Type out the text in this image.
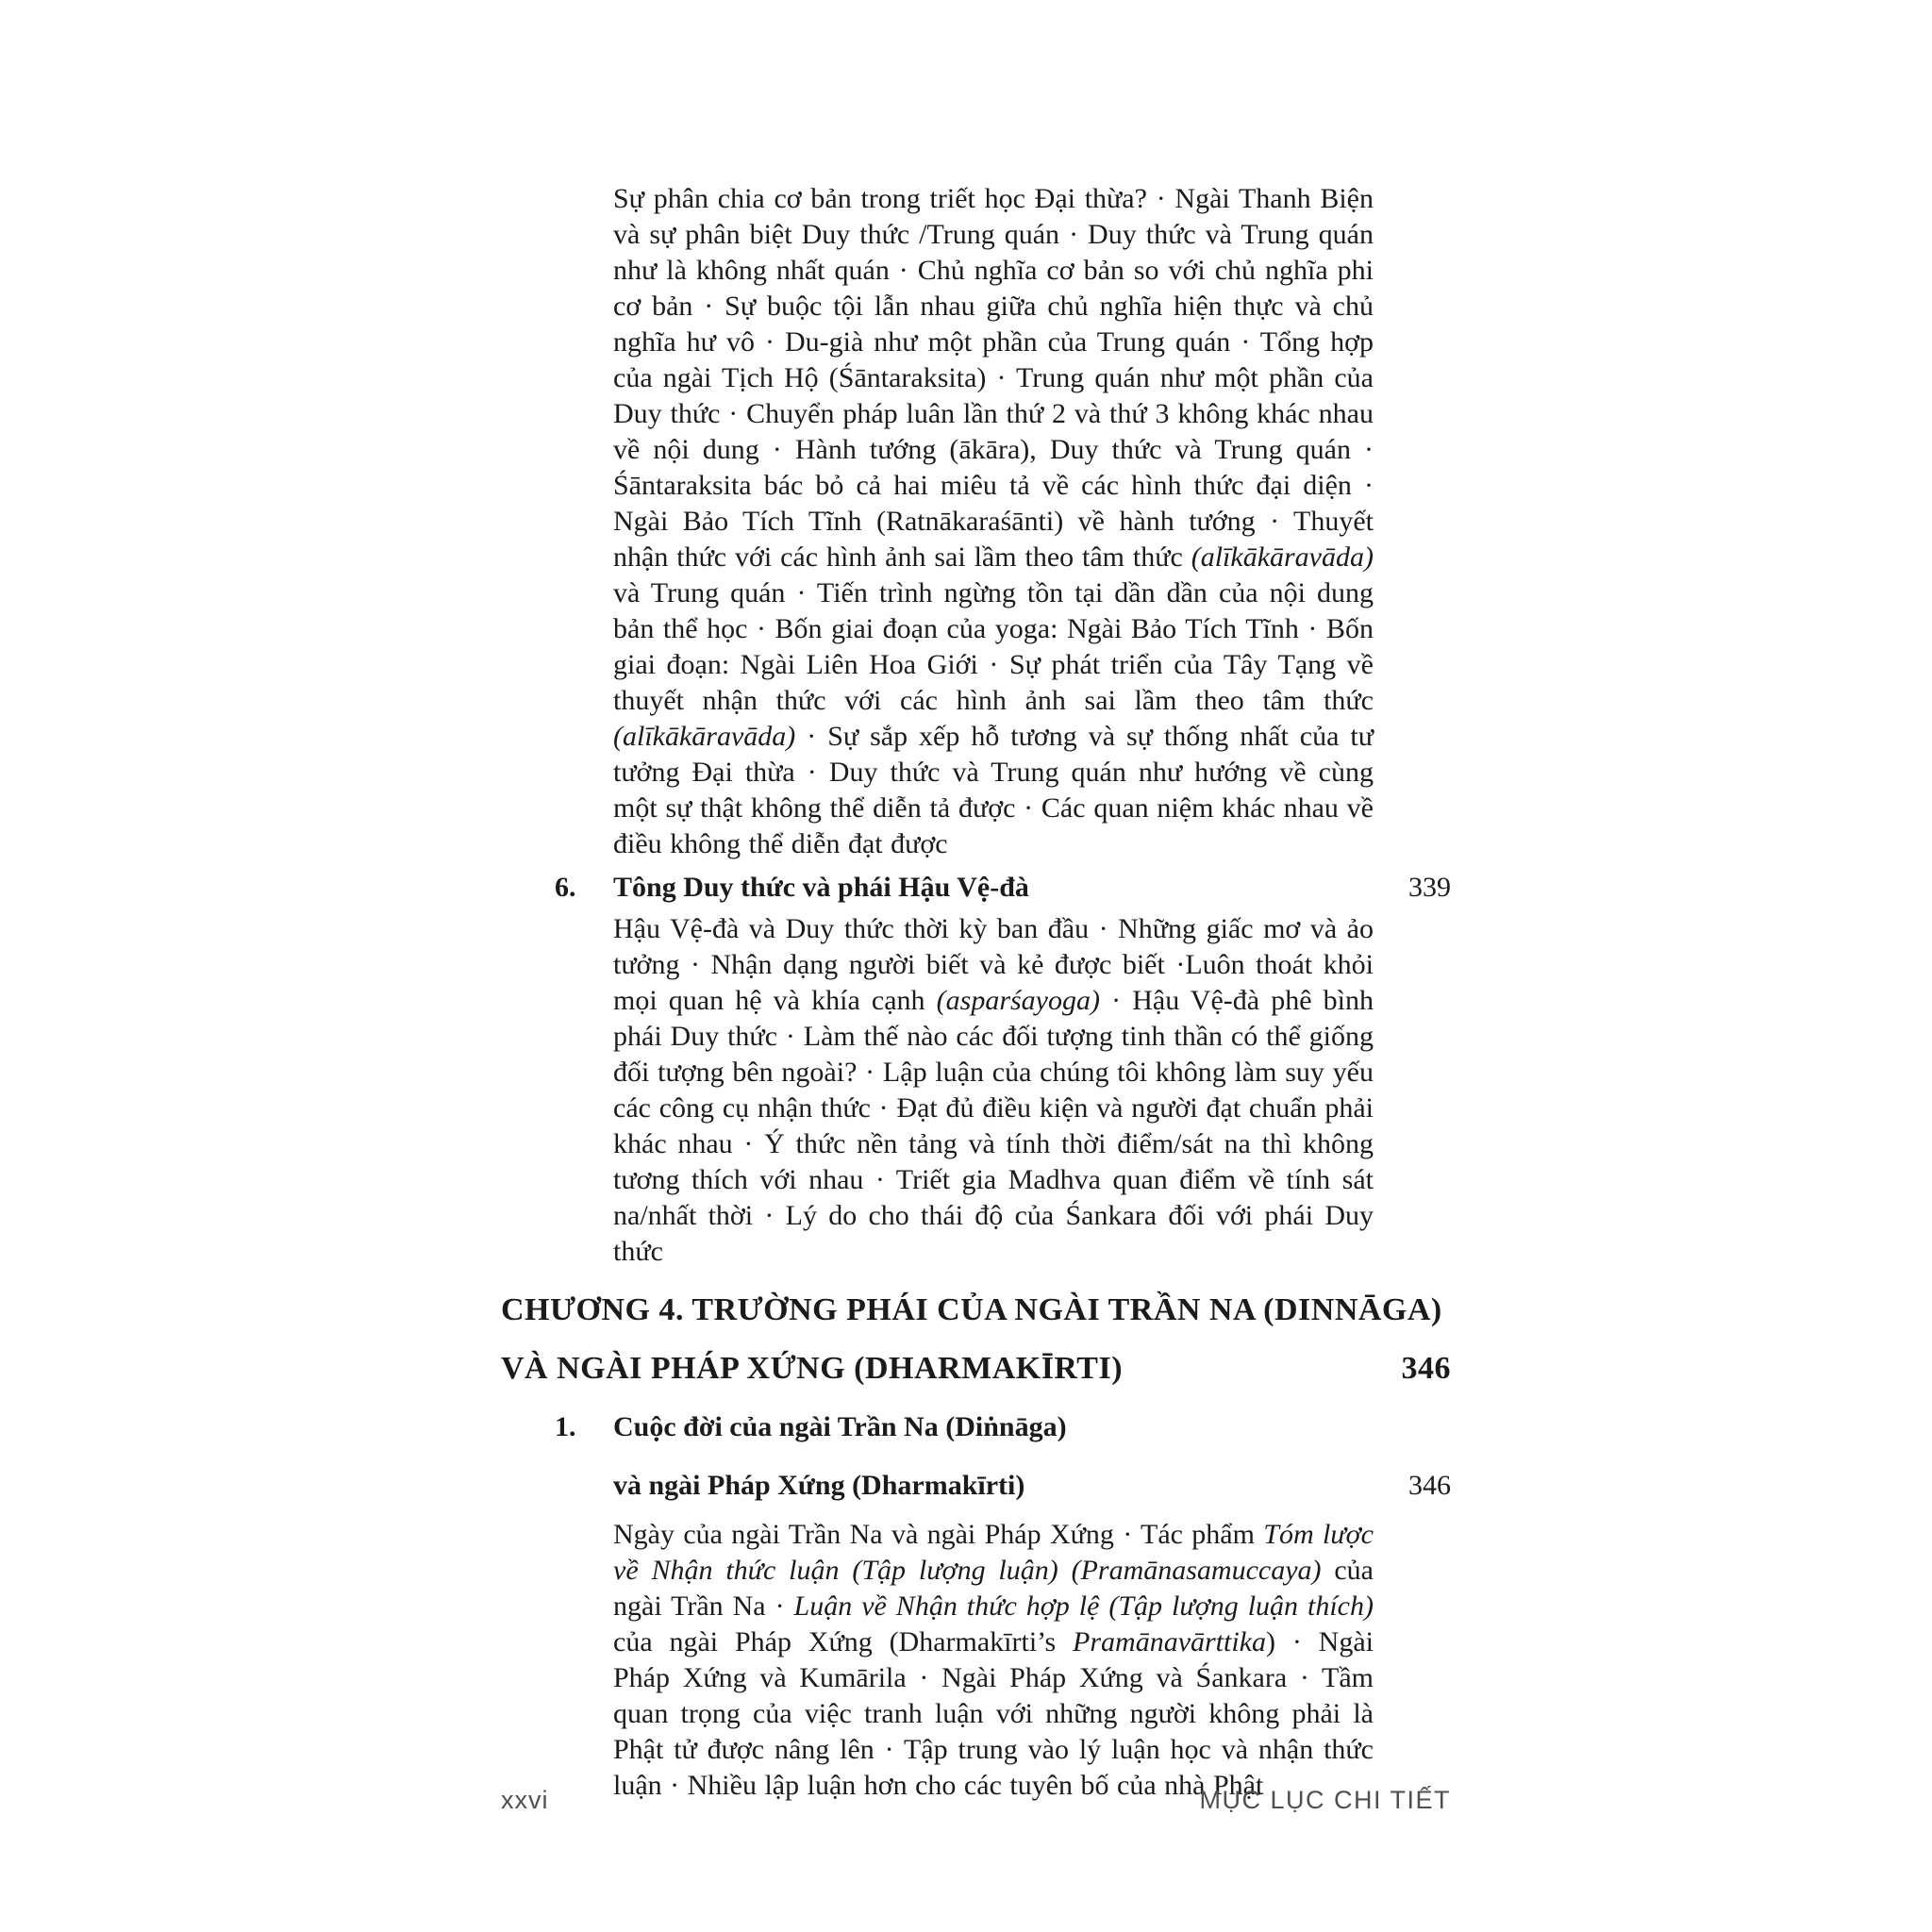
Sự phân chia cơ bản trong triết học Đại thừa? · Ngài Thanh Biện và sự phân biệt Duy thức /Trung quán · Duy thức và Trung quán như là không nhất quán · Chủ nghĩa cơ bản so với chủ nghĩa phi cơ bản · Sự buộc tội lẫn nhau giữa chủ nghĩa hiện thực và chủ nghĩa hư vô · Du-già như một phần của Trung quán · Tổng hợp của ngài Tịch Hộ (Śāntaraksita) · Trung quán như một phần của Duy thức · Chuyển pháp luân lần thứ 2 và thứ 3 không khác nhau về nội dung · Hành tướng (ākāra), Duy thức và Trung quán · Śāntaraksita bác bỏ cả hai miêu tả về các hình thức đại diện · Ngài Bảo Tích Tĩnh (Ratnākaraśānti) về hành tướng · Thuyết nhận thức với các hình ảnh sai lầm theo tâm thức (alīkākāravāda) và Trung quán · Tiến trình ngừng tồn tại dần dần của nội dung bản thể học · Bốn giai đoạn của yoga: Ngài Bảo Tích Tĩnh · Bốn giai đoạn: Ngài Liên Hoa Giới · Sự phát triển của Tây Tạng về thuyết nhận thức với các hình ảnh sai lầm theo tâm thức (alīkākāravāda) · Sự sắp xếp hỗ tương và sự thống nhất của tư tưởng Đại thừa · Duy thức và Trung quán như hướng về cùng một sự thật không thể diễn tả được · Các quan niệm khác nhau về điều không thể diễn đạt được

6.	Tông Duy thức và phái Hậu Vệ-đà	339

Hậu Vệ-đà và Duy thức thời kỳ ban đầu · Những giấc mơ và ảo tưởng · Nhận dạng người biết và kẻ được biết ·Luôn thoát khỏi mọi quan hệ và khía cạnh (asparśayoga) · Hậu Vệ-đà phê bình phái Duy thức · Làm thế nào các đối tượng tinh thần có thể giống đối tượng bên ngoài? · Lập luận của chúng tôi không làm suy yếu các công cụ nhận thức · Đạt đủ điều kiện và người đạt chuẩn phải khác nhau · Ý thức nền tảng và tính thời điểm/sát na thì không tương thích với nhau · Triết gia Madhva quan điểm về tính sát na/nhất thời · Lý do cho thái độ của Śankara đối với phái Duy thức

CHƯƠNG 4. TRƯỜNG PHÁI CỦA NGÀI TRẦN NA (DINNĀGA)
VÀ NGÀI PHÁP XỨNG (DHARMAKĪRTI)	346
1.	Cuộc đời của ngài Trần Na (Diṅnāga)
và ngài Pháp Xứng (Dharmakīrti)	346

Ngày của ngài Trần Na và ngài Pháp Xứng · Tác phẩm Tóm lược về Nhận thức luận (Tập lượng luận) (Pramānasamuccaya) của ngài Trần Na · Luận về Nhận thức hợp lệ (Tập lượng luận thích) của ngài Pháp Xứng (Dharmakīrti’s Pramānavārttika) · Ngài Pháp Xứng và Kumārila · Ngài Pháp Xứng và Śankara · Tầm quan trọng của việc tranh luận với những người không phải là Phật tử được nâng lên · Tập trung vào lý luận học và nhận thức luận · Nhiều lập luận hơn cho các tuyên bố của nhà Phật

xxvi	MỤC LỤC CHI TIẾT
